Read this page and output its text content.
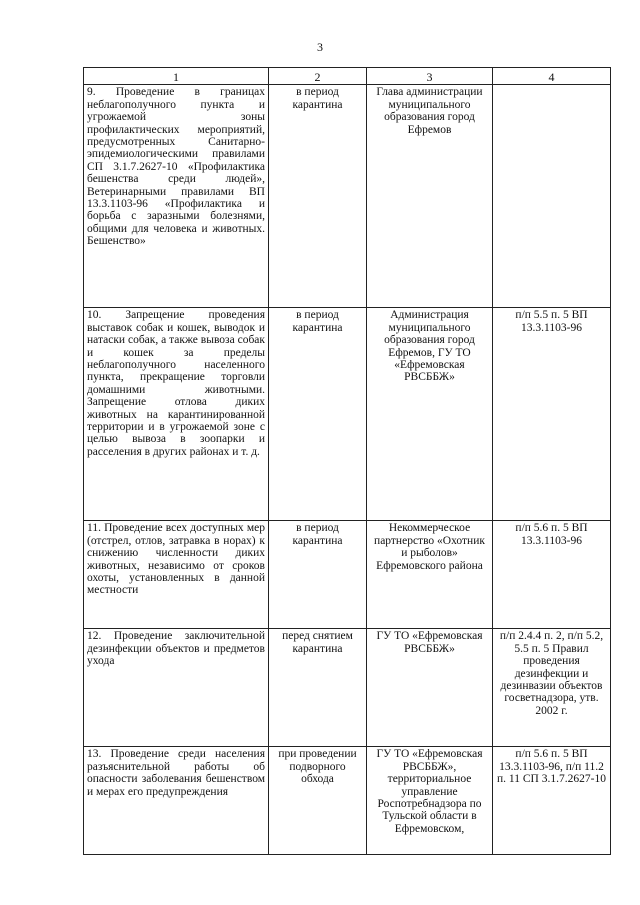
3
1	2	3	4
9. Проведение в границах неблагополучного пункта и угрожаемой зоны профилактических мероприятий, предусмотренных Санитарно-эпидемиологическими правилами СП 3.1.7.2627-10 «Профилактика бешенства среди людей», Ветеринарными правилами ВП 13.3.1103-96 «Профилактика и борьба с заразными болезнями, общими для человека и животных. Бешенство»	в период карантина	Глава администрации муниципального образования город Ефремов	
10. Запрещение проведения выставок собак и кошек, выводок и натаски собак, а также вывоза собак и кошек за пределы неблагополучного населенного пункта, прекращение торговли домашними животными. Запрещение отлова диких животных на карантинированной территории и в угрожаемой зоне с целью вывоза в зоопарки и расселения в других районах и т. д.	в период карантина	Администрация муниципального образования город Ефремов, ГУ ТО «Ефремовская РВСББЖ»	п/п 5.5 п. 5 ВП 13.3.1103-96
11. Проведение всех доступных мер (отстрел, отлов, затравка в норах) к снижению численности диких животных, независимо от сроков охоты, установленных в данной местности	в период карантина	Некоммерческое партнерство «Охотник и рыболов» Ефремовского района	п/п 5.6 п. 5 ВП 13.3.1103-96
12. Проведение заключительной дезинфекции объектов и предметов ухода	перед снятием карантина	ГУ ТО «Ефремовская РВСББЖ»	п/п 2.4.4 п. 2, п/п 5.2, 5.5 п. 5 Правил проведения дезинфекции и дезинвазии объектов госветнадзора, утв. 2002 г.
13. Проведение среди населения разъяснительной работы об опасности заболевания бешенством и мерах его предупреждения	при проведении подворного обхода	ГУ ТО «Ефремовская РВСББЖ», территориальное управление Роспотребнадзора по Тульской области в Ефремовском,	п/п 5.6 п. 5 ВП 13.3.1103-96, п/п 11.2 п. 11 СП 3.1.7.2627-10
